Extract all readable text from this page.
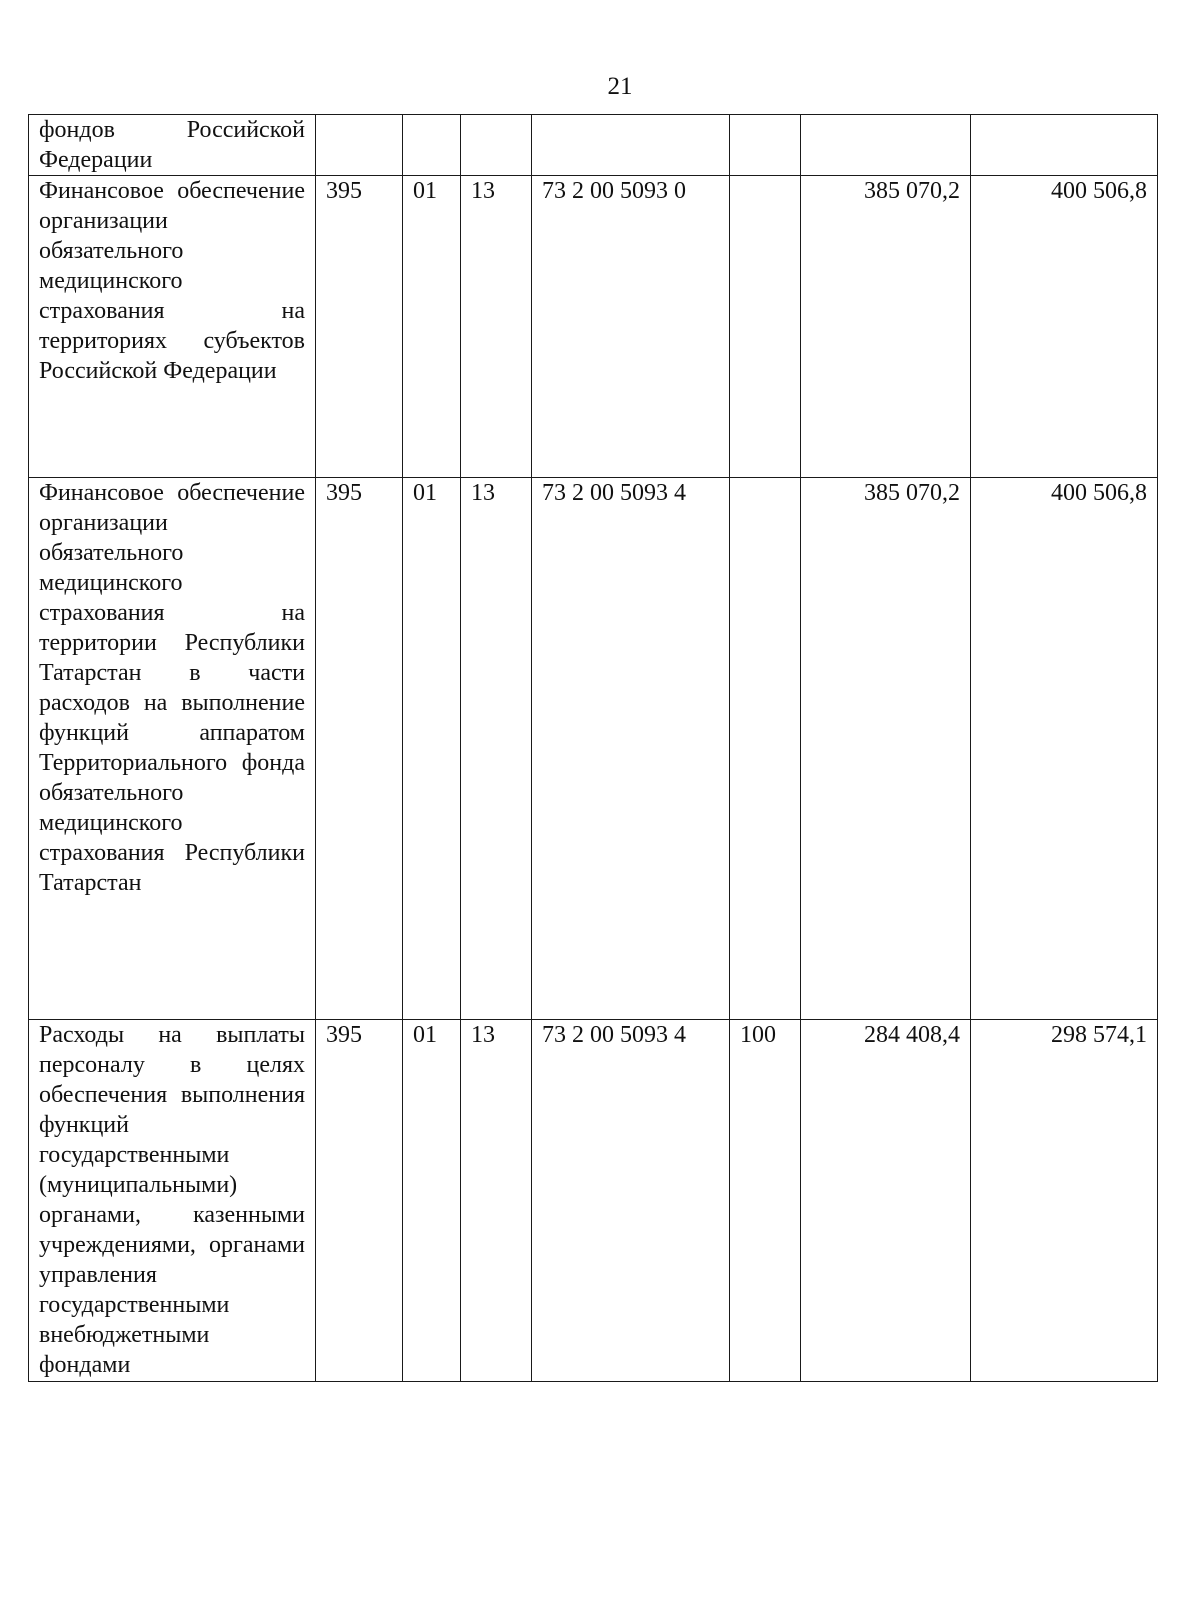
21
фондов Российской Федерации							
Финансовое обеспечение организации обязательного медицинского страхования на территориях субъектов Российской Федерации	395	01	13	73 2 00 5093 0		385 070,2	400 506,8
Финансовое обеспечение организации обязательного медицинского страхования на территории Республики Татарстан в части расходов на выполнение функций аппаратом Территориального фонда обязательного медицинского страхования Республики Татарстан	395	01	13	73 2 00 5093 4		385 070,2	400 506,8
Расходы на выплаты персоналу в целях обеспечения выполнения функций государственными (муниципальными) органами, казенными учреждениями, органами управления государственными внебюджетными фондами	395	01	13	73 2 00 5093 4	100	284 408,4	298 574,1
